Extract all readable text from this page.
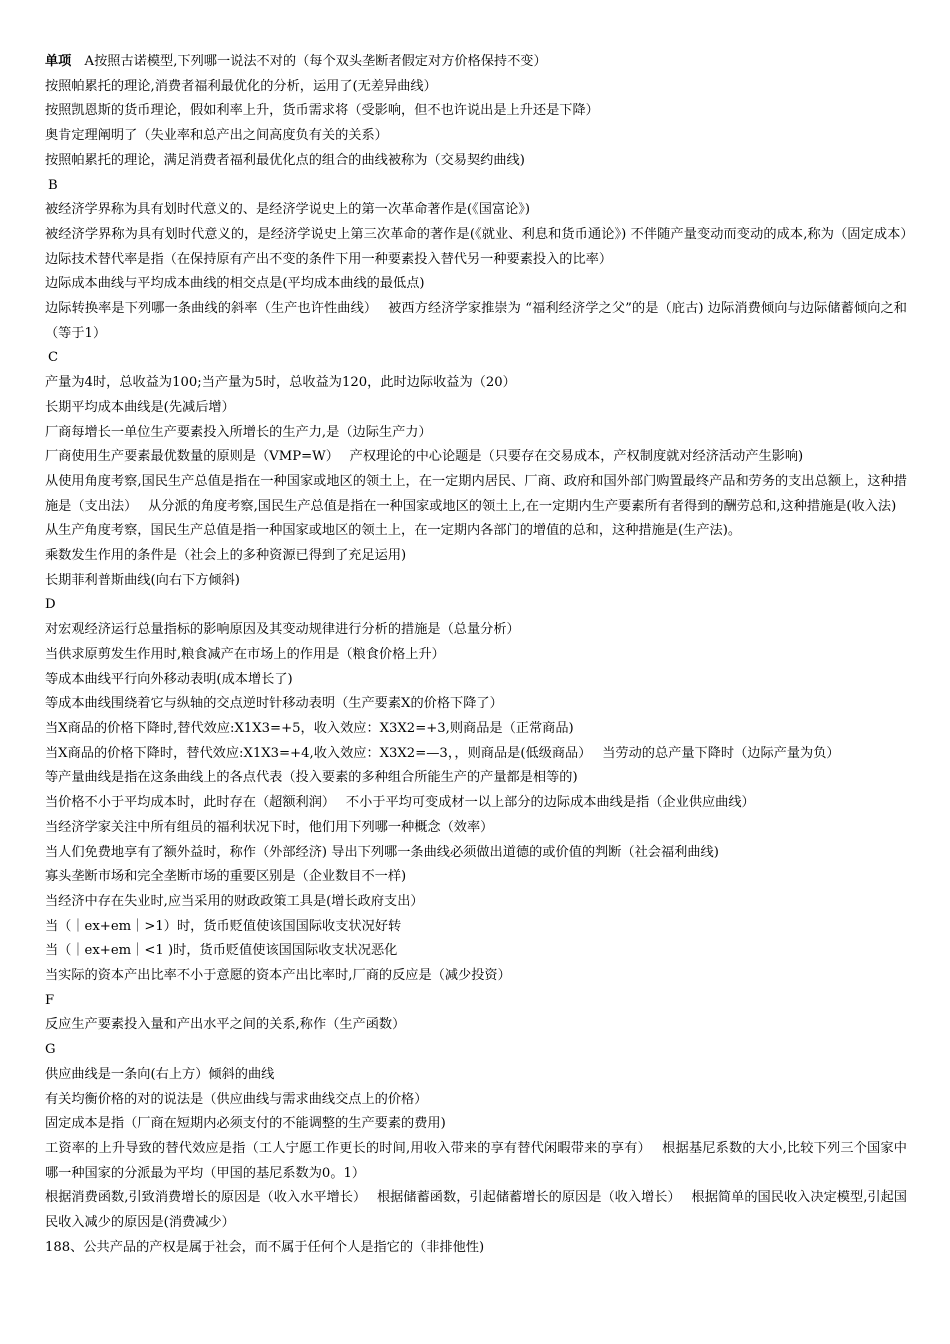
单项　A按照古诺模型,下列哪一说法不对的（每个双头垄断者假定对方价格保持不变）
按照帕累托的理论,消费者福利最优化的分析，运用了(无差异曲线）
按照凯恩斯的货币理论，假如利率上升，货币需求将（受影响，但不也许说出是上升还是下降）
奥肯定理阐明了（失业率和总产出之间高度负有关的关系）
按照帕累托的理论，满足消费者福利最优化点的组合的曲线被称为（交易契约曲线)
B
被经济学界称为具有划时代意义的、是经济学说史上的第一次革命著作是(《国富论》)
被经济学界称为具有划时代意义的，是经济学说史上第三次革命的著作是(《就业、利息和货币通论》) 不伴随产量变动而变动的成本,称为（固定成本）　 边际技术替代率是指（在保持原有产出不变的条件下用一种要素投入替代另一种要素投入的比率）
边际成本曲线与平均成本曲线的相交点是(平均成本曲线的最低点)
边际转换率是下列哪一条曲线的斜率（生产也许性曲线）　 被西方经济学家推崇为 “福利经济学之父”的是（庇古) 边际消费倾向与边际储蓄倾向之和（等于1）
C
产量为4时，总收益为100;当产量为5时，总收益为120，此时边际收益为（20）
长期平均成本曲线是(先减后增）
厂商每增长一单位生产要素投入所增长的生产力,是（边际生产力）
厂商使用生产要素最优数量的原则是（VMP=W）　 产权理论的中心论题是（只要存在交易成本，产权制度就对经济活动产生影响)
从使用角度考察,国民生产总值是指在一种国家或地区的领土上，在一定期内居民、厂商、政府和国外部门购置最终产品和劳务的支出总额上，这种措施是（支出法）　 从分派的角度考察,国民生产总值是指在一种国家或地区的领土上,在一定期内生产要素所有者得到的酬劳总和,这种措施是(收入法)
从生产角度考察，国民生产总值是指一种国家或地区的领土上，在一定期内各部门的增值的总和，这种措施是(生产法)。
乘数发生作用的条件是（社会上的多种资源已得到了充足运用)
长期菲利普斯曲线(向右下方倾斜)
D
对宏观经济运行总量指标的影响原因及其变动规律进行分析的措施是（总量分析）
当供求原剪发生作用时,粮食减产在市场上的作用是（粮食价格上升）
等成本曲线平行向外移动表明(成本增长了)
等成本曲线围绕着它与纵轴的交点逆时针移动表明（生产要素X的价格下降了）
当X商品的价格下降时,替代效应:X1X3=+5，收入效应：X3X2=+3,则商品是（正常商品)
当X商品的价格下降时，替代效应:X1X3=+4,收入效应：X3X2=—3，，则商品是(低级商品）　 当劳动的总产量下降时（边际产量为负）
等产量曲线是指在这条曲线上的各点代表（投入要素的多种组合所能生产的产量都是相等的)
当价格不小于平均成本时，此时存在（超额利润）　 不小于平均可变成材一以上部分的边际成本曲线是指（企业供应曲线）
当经济学家关注中所有组员的福利状况下时，他们用下列哪一种概念（效率）
当人们免费地享有了额外益时，称作（外部经济) 导出下列哪一条曲线必须做出道德的或价值的判断（社会福利曲线)
寡头垄断市场和完全垄断市场的重要区别是（企业数目不一样)
当经济中存在失业时,应当采用的财政政策工具是(增长政府支出）
当（｜ex+em｜>1）时，货币贬值使该国国际收支状况好转
当（｜ex+em｜<1 )时，货币贬值使该国国际收支状况恶化
当实际的资本产出比率不小于意愿的资本产出比率时,厂商的反应是（减少投资）
F
反应生产要素投入量和产出水平之间的关系,称作（生产函数）
G
供应曲线是一条向(右上方）倾斜的曲线
有关均衡价格的对的说法是（供应曲线与需求曲线交点上的价格）
固定成本是指（厂商在短期内必须支付的不能调整的生产要素的费用)
工资率的上升导致的替代效应是指（工人宁愿工作更长的时间,用收入带来的享有替代闲暇带来的享有）　 根据基尼系数的大小,比较下列三个国家中哪一种国家的分派最为平均（甲国的基尼系数为0。1）
根据消费函数,引致消费增长的原因是（收入水平增长）　 根据储蓄函数，引起储蓄增长的原因是（收入增长）　 根据简单的国民收入决定模型,引起国民收入减少的原因是(消费减少）
188、公共产品的产权是属于社会，而不属于任何个人是指它的（非排他性)
